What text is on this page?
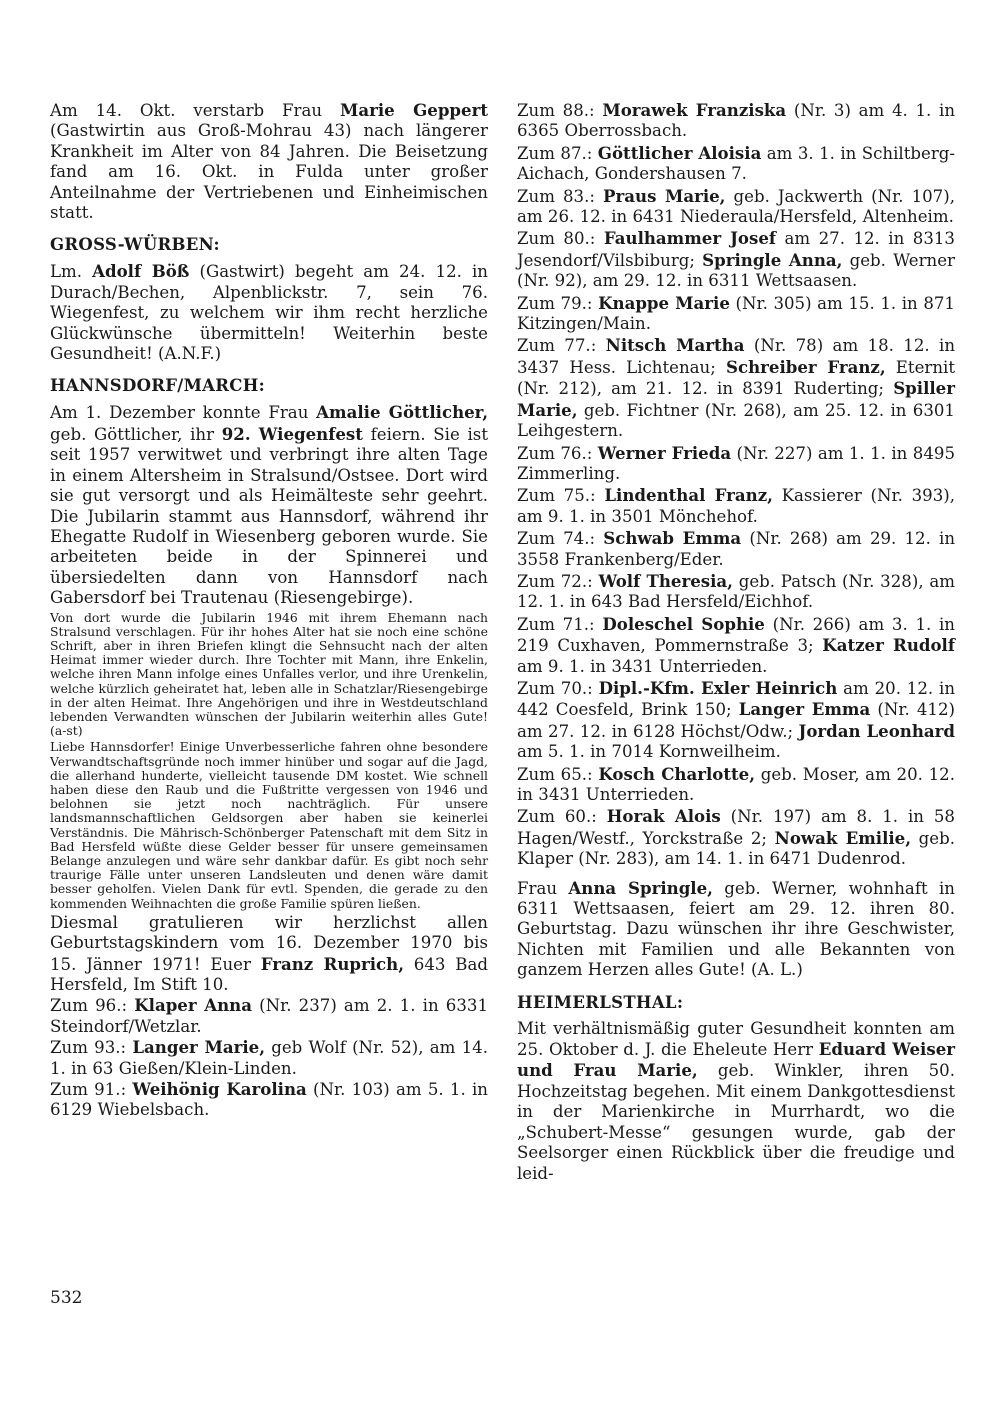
Am 14. Okt. verstarb Frau Marie Geppert (Gastwirtin aus Groß-Mohrau 43) nach längerer Krankheit im Alter von 84 Jahren. Die Beisetzung fand am 16. Okt. in Fulda unter großer Anteilnahme der Vertriebenen und Einheimischen statt.

GROSS-WÜRBEN:

Lm. Adolf Böß (Gastwirt) begeht am 24. 12. in Durach/Bechen, Alpenblickstr. 7, sein 76. Wiegenfest, zu welchem wir ihm recht herzliche Glückwünsche übermitteln! Weiterhin beste Gesundheit! (A.N.F.)

HANNSDORF/MARCH:

Am 1. Dezember konnte Frau Amalie Göttlicher, geb. Göttlicher, ihr 92. Wiegenfest feiern. Sie ist seit 1957 verwitwet und verbringt ihre alten Tage in einem Altersheim in Stralsund/Ostsee. Dort wird sie gut versorgt und als Heimälteste sehr geehrt. Die Jubilarin stammt aus Hannsdorf, während ihr Ehegatte Rudolf in Wiesenberg geboren wurde. Sie arbeiteten beide in der Spinnerei und übersiedelten dann von Hannsdorf nach Gabersdorf bei Trautenau (Riesengebirge).

Von dort wurde die Jubilarin 1946 mit ihrem Ehemann nach Stralsund verschlagen. Für ihr hohes Alter hat sie noch eine schöne Schrift, aber in ihren Briefen klingt die Sehnsucht nach der alten Heimat immer wieder durch. Ihre Tochter mit Mann, ihre Enkelin, welche ihren Mann infolge eines Unfalles verlor, und ihre Urenkelin, welche kürzlich geheiratet hat, leben alle in Schatzlar/Riesengebirge in der alten Heimat. Ihre Angehörigen und ihre in Westdeutschland lebenden Verwandten wünschen der Jubilarin weiterhin alles Gute! (a-st)

Liebe Hannsdorfer! Einige Unverbesserliche fahren ohne besondere Verwandtschaftsgründe noch immer hinüber und sogar auf die Jagd, die allerhand hunderte, vielleicht tausende DM kostet. Wie schnell haben diese den Raub und die Fußtritte vergessen von 1946 und belohnen sie jetzt noch nachträglich. Für unsere landsmannschaftlichen Geldsorgen aber haben sie keinerlei Verständnis. Die Mährisch-Schönberger Patenschaft mit dem Sitz in Bad Hersfeld wüßte diese Gelder besser für unsere gemeinsamen Belange anzulegen und wäre sehr dankbar dafür. Es gibt noch sehr traurige Fälle unter unseren Landsleuten und denen wäre damit besser geholfen. Vielen Dank für evtl. Spenden, die gerade zu den kommenden Weihnachten die große Familie spüren ließen.

Diesmal gratulieren wir herzlichst allen Geburtstagskindern vom 16. Dezember 1970 bis 15. Jänner 1971! Euer Franz Ruprich, 643 Bad Hersfeld, Im Stift 10.

Zum 96.: Klaper Anna (Nr. 237) am 2. 1. in 6331 Steindorf/Wetzlar.

Zum 93.: Langer Marie, geb Wolf (Nr. 52), am 14. 1. in 63 Gießen/Klein-Linden.

Zum 91.: Weihönig Karolina (Nr. 103) am 5. 1. in 6129 Wiebelsbach.

Zum 88.: Morawek Franziska (Nr. 3) am 4. 1. in 6365 Oberrossbach.

Zum 87.: Göttlicher Aloisia am 3. 1. in Schiltberg-Aichach, Gondershausen 7.

Zum 83.: Praus Marie, geb. Jackwerth (Nr. 107), am 26. 12. in 6431 Niederaula/Hersfeld, Altenheim.

Zum 80.: Faulhammer Josef am 27. 12. in 8313 Jesendorf/Vilsbiburg; Springle Anna, geb. Werner (Nr. 92), am 29. 12. in 6311 Wettsaasen.

Zum 79.: Knappe Marie (Nr. 305) am 15. 1. in 871 Kitzingen/Main.

Zum 77.: Nitsch Martha (Nr. 78) am 18. 12. in 3437 Hess. Lichtenau; Schreiber Franz, Eternit (Nr. 212), am 21. 12. in 8391 Ruderting; Spiller Marie, geb. Fichtner (Nr. 268), am 25. 12. in 6301 Leihgestern.

Zum 76.: Werner Frieda (Nr. 227) am 1. 1. in 8495 Zimmerling.

Zum 75.: Lindenthal Franz, Kassierer (Nr. 393), am 9. 1. in 3501 Mönchehof.

Zum 74.: Schwab Emma (Nr. 268) am 29. 12. in 3558 Frankenberg/Eder.

Zum 72.: Wolf Theresia, geb. Patsch (Nr. 328), am 12. 1. in 643 Bad Hersfeld/Eichhof.

Zum 71.: Doleschel Sophie (Nr. 266) am 3. 1. in 219 Cuxhaven, Pommernstraße 3; Katzer Rudolf am 9. 1. in 3431 Unterrieden.

Zum 70.: Dipl.-Kfm. Exler Heinrich am 20. 12. in 442 Coesfeld, Brink 150; Langer Emma (Nr. 412) am 27. 12. in 6128 Höchst/Odw.; Jordan Leonhard am 5. 1. in 7014 Kornweilheim.

Zum 65.: Kosch Charlotte, geb. Moser, am 20. 12. in 3431 Unterrieden.

Zum 60.: Horak Alois (Nr. 197) am 8. 1. in 58 Hagen/Westf., Yorckstraße 2; Nowak Emilie, geb. Klaper (Nr. 283), am 14. 1. in 6471 Dudenrod.

Frau Anna Springle, geb. Werner, wohnhaft in 6311 Wettsaasen, feiert am 29. 12. ihren 80. Geburtstag. Dazu wünschen ihr ihre Geschwister, Nichten mit Familien und alle Bekannten von ganzem Herzen alles Gute! (A. L.)

HEIMERLSTHAL:

Mit verhältnismäßig guter Gesundheit konnten am 25. Oktober d. J. die Eheleute Herr Eduard Weiser und Frau Marie, geb. Winkler, ihren 50. Hochzeitstag begehen. Mit einem Dankgottesdienst in der Marienkirche in Murrhardt, wo die „Schubert-Messe“ gesungen wurde, gab der Seelsorger einen Rückblick über die freudige und leid-

532
